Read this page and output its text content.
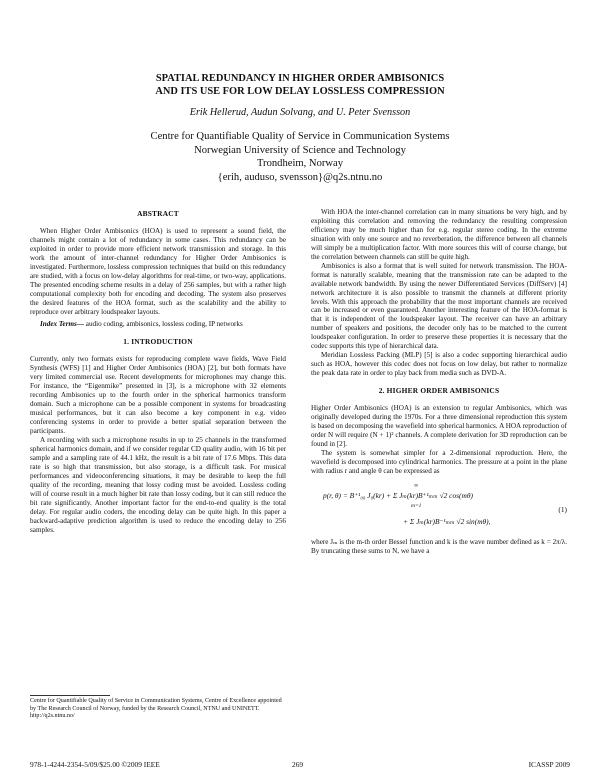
SPATIAL REDUNDANCY IN HIGHER ORDER AMBISONICS
AND ITS USE FOR LOW DELAY LOSSLESS COMPRESSION
Erik Hellerud, Audun Solvang, and U. Peter Svensson
Centre for Quantifiable Quality of Service in Communication Systems
Norwegian University of Science and Technology
Trondheim, Norway
{erih, auduso, svensson}@q2s.ntnu.no
ABSTRACT

When Higher Order Ambisonics (HOA) is used to represent a sound field, the channels might contain a lot of redundancy in some cases. This redundancy can be exploited in order to provide more efficient network transmission and storage. In this work the amount of inter-channel redundancy for Higher Order Ambisonics is investigated. Furthermore, lossless compression techniques that build on this redundancy are studied, with a focus on low-delay algorithms for real-time, or two-way, applications. The presented encoding scheme results in a delay of 256 samples, but with a rather high computational complexity both for encoding and decoding. The system also preserves the desired features of the HOA format, such as the scalability and the ability to reproduce over arbitrary loudspeaker layouts.

Index Terms— audio coding, ambisonics, lossless coding, IP networks

1. INTRODUCTION

Currently, only two formats exists for reproducing complete wave fields, Wave Field Synthesis (WFS) [1] and Higher Order Ambisonics (HOA) [2], but both formats have very limited commercial use. Recent developments for microphones may change this. For instance, the “Eigenmike” presented in [3], is a microphone with 32 elements recording Ambisonics up to the fourth order in the spherical harmonics transform domain. Such a microphone can be a possible component in systems for broadcasting musical performances, but it can also become a key component in e.g. video conferencing systems in order to provide a better spatial separation between the participants.

A recording with such a microphone results in up to 25 channels in the transformed spherical harmonics domain, and if we consider regular CD quality audio, with 16 bit per sample and a sampling rate of 44.1 kHz, the result is a bit rate of 17.6 Mbps. This data rate is so high that transmission, but also storage, is a difficult task. For musical performances and videoconferencing situations, it may be desirable to keep the full quality of the recording, meaning that lossy coding must be avoided. Lossless coding will of course result in a much higher bit rate than lossy coding, but it can still reduce the bit rate significantly. Another important factor for the end-to-end quality is the total delay. For regular audio coders, the encoding delay can be quite high. In this paper a backward-adaptive prediction algorithm is used to reduce the encoding delay to 256 samples.

With HOA the inter-channel correlation can in many situations be very high, and by exploiting this correlation and removing the redundancy the resulting compression efficiency may be much higher than for e.g. regular stereo coding. In the extreme situation with only one source and no reverberation, the difference between all channels will simply be a multiplication factor. With more sources this will of course change, but the correlation between channels can still be quite high.

Ambisonics is also a format that is well suited for network transmission. The HOA-format is naturally scalable, meaning that the transmission rate can be adapted to the available network bandwidth. By using the newer Differentiated Services (DiffServ) [4] network architecture it is also possible to transmit the channels at different priority levels. With this approach the probability that the most important channels are received can be increased or even guaranteed. Another interesting feature of the HOA-format is that it is independent of the loudspeaker layout. The receiver can have an arbitrary number of speakers and positions, the decoder only has to be matched to the current loudspeaker configuration. In order to preserve these properties it is necessary that the codec supports this type of hierarchical data.

Meridian Lossless Packing (MLP) [5] is also a codec supporting hierarchical audio such as HOA, however this codec does not focus on low delay, but rather to normalize the peak data rate in order to play back from media such as DVD-A.

2. HIGHER ORDER AMBISONICS

Higher Order Ambisonics (HOA) is an extension to regular Ambisonics, which was originally developed during the 1970s. For a three dimensional reproduction this system is based on decomposing the wavefield into spherical harmonics. A HOA reproduction of order N will require (N + 1)² channels. A complete derivation for 3D reproduction can be found in [2].

The system is somewhat simpler for a 2-dimensional reproduction. Here, the wavefield is decomposed into cylindrical harmonics. The pressure at a point in the plane with radius r and angle θ can be expressed as

p(r, θ) = B⁺¹₀₀ J₀(kr) + Σ Jₘ(kr)B⁺¹ₘₘ √2 cos(mθ)
∞
m=1
+ Σ Jₘ(kr)B⁻¹ₘₘ √2 sin(mθ),
(1)

where Jₘ is the m-th order Bessel function and k is the wave number defined as k = 2π/λ. By truncating these sums to N, we have a

Centre for Quantifiable Quality of Service in Communication Systems, Centre of Excellence appointed by The Research Council of Norway, funded by the Research Council, NTNU and UNINETT. http://q2s.ntnu.no/
978-1-4244-2354-5/09/$25.00 ©2009 IEEE	269	ICASSP 2009
